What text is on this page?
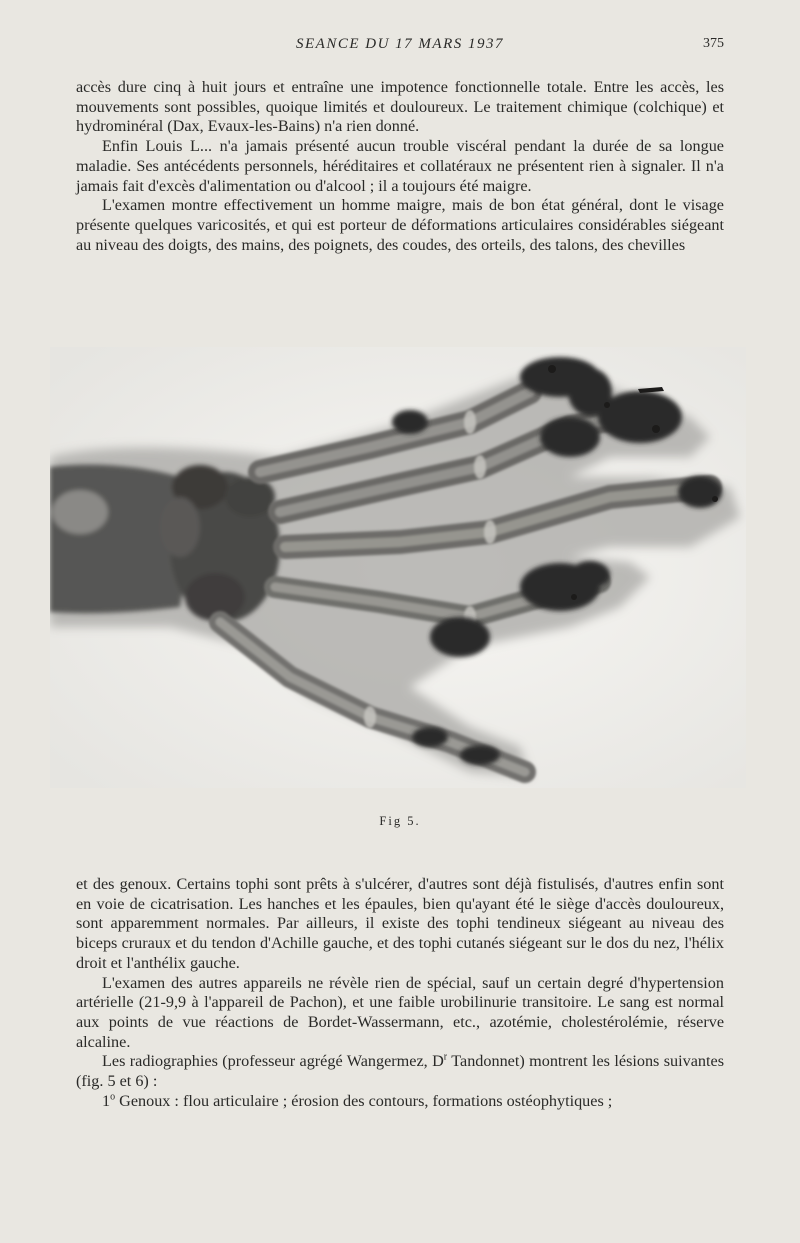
SEANCE DU 17 MARS 1937	375

accès dure cinq à huit jours et entraîne une impotence fonctionnelle totale. Entre les accès, les mouvements sont possibles, quoique limités et douloureux. Le traitement chimique (colchique) et hydrominéral (Dax, Evaux-les-Bains) n'a rien donné.

Enfin Louis L... n'a jamais présenté aucun trouble viscéral pendant la durée de sa longue maladie. Ses antécédents personnels, héréditaires et collatéraux ne présentent rien à signaler. Il n'a jamais fait d'excès d'alimentation ou d'alcool ; il a toujours été maigre.

L'examen montre effectivement un homme maigre, mais de bon état général, dont le visage présente quelques varicosités, et qui est porteur de déformations articulaires considérables siégeant au niveau des doigts, des mains, des poignets, des coudes, des orteils, des talons, des chevilles

Fig 5.

et des genoux. Certains tophi sont prêts à s'ulcérer, d'autres sont déjà fistulisés, d'autres enfin sont en voie de cicatrisation. Les hanches et les épaules, bien qu'ayant été le siège d'accès douloureux, sont apparemment normales. Par ailleurs, il existe des tophi tendineux siégeant au niveau des biceps cruraux et du tendon d'Achille gauche, et des tophi cutanés siégeant sur le dos du nez, l'hélix droit et l'anthélix gauche.

L'examen des autres appareils ne révèle rien de spécial, sauf un certain degré d'hypertension artérielle (21-9,9 à l'appareil de Pachon), et une faible urobilinurie transitoire. Le sang est normal aux points de vue réactions de Bordet-Wassermann, etc., azotémie, cholestérolémie, réserve alcaline.

Les radiographies (professeur agrégé Wangermez, $D^r$ Tandonnet) montrent les lésions suivantes (fig. 5 et 6) :

1$^o$ Genoux : flou articulaire ; érosion des contours, formations ostéophytiques ;
